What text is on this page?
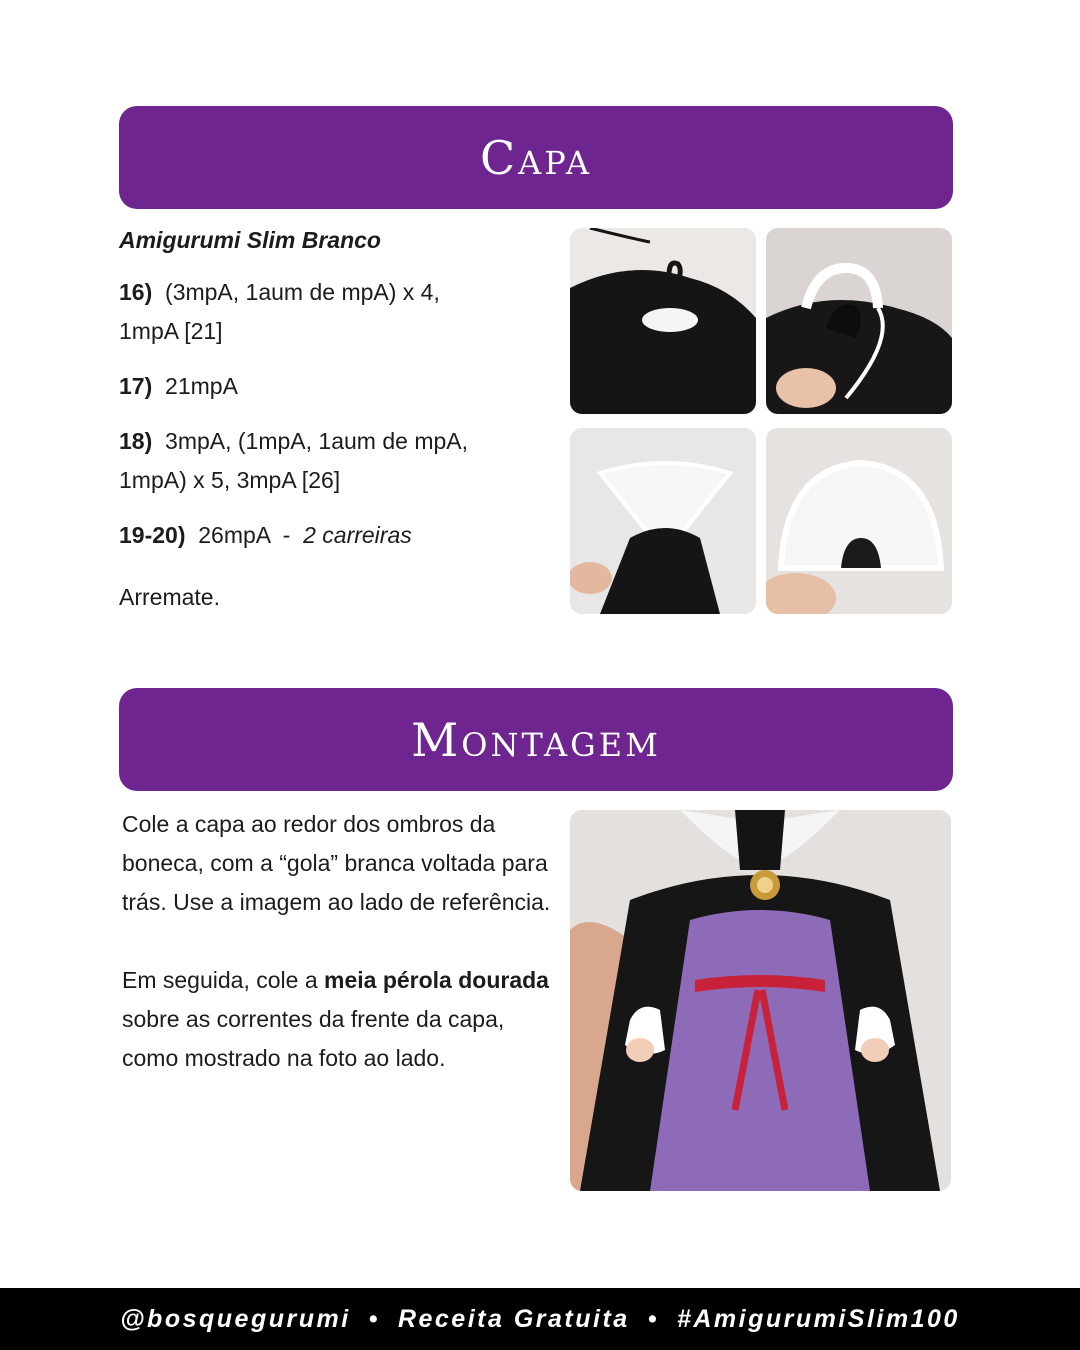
Capa
Amigurumi Slim Branco
16) (3mpA, 1aum de mpA) x 4,
1mpA [21]
17) 21mpA
18) 3mpA, (1mpA, 1aum de mpA,
1mpA) x 5, 3mpA [26]
19-20) 26mpA  -  2 carreiras
Arremate.
Montagem

Cole a capa ao redor dos ombros da boneca, com a “gola” branca voltada para trás. Use a imagem ao lado de referência.

Em seguida, cole a meia pérola dourada sobre as correntes da frente da capa, como mostrado na foto ao lado.

@bosquegurumi • Receita Gratuita • #AmigurumiSlim100
